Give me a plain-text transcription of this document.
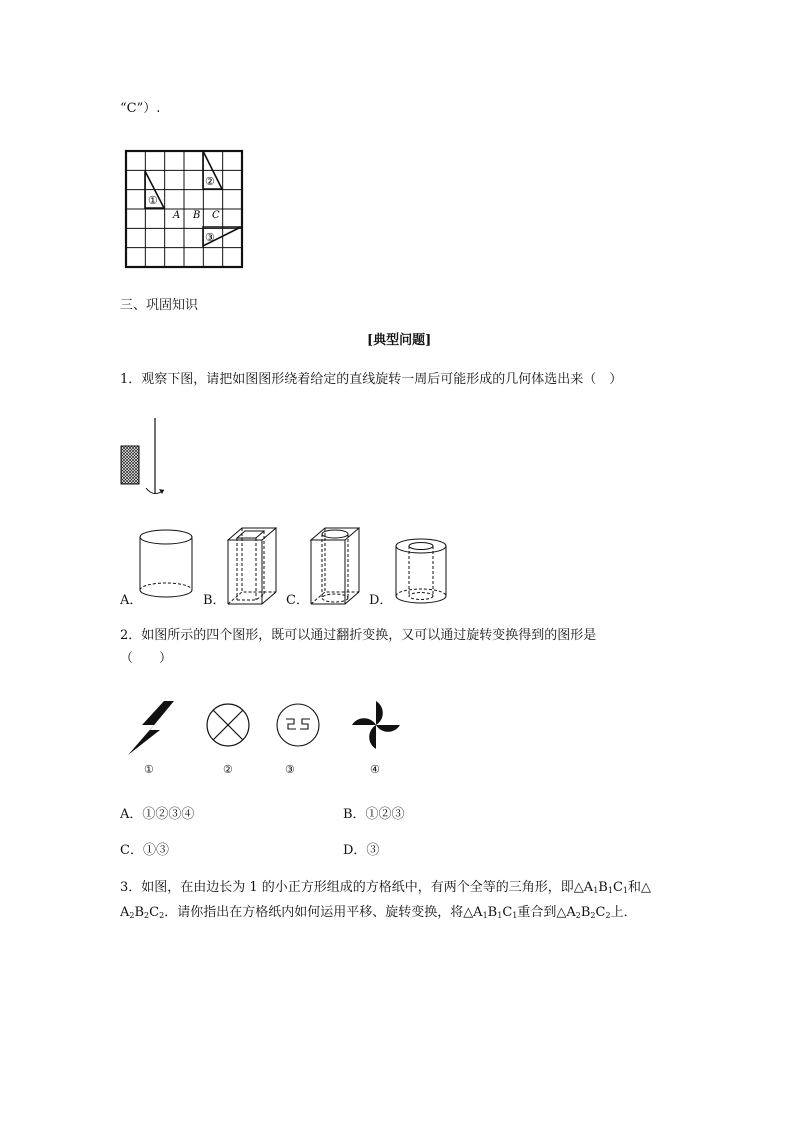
“C”）.
①
②
③
A B C
三、巩固知识
[典型问题]
1．观察下图，请把如图图形绕着给定的直线旋转一周后可能形成的几何体选出来（　）
A．	B．	C．	D．
2．如图所示的四个图形，既可以通过翻折变换，又可以通过旋转变换得到的图形是
（　　）
①	②	③	④
A．①②③④	B．①②③
C．①③	D．③
3．如图，在由边长为 1 的小正方形组成的方格纸中，有两个全等的三角形，即$\triangle A_1B_1C_1$和△
$A_2B_2C_2$．请你指出在方格纸内如何运用平移、旋转变换，将$\triangle A_1B_1C_1$重合到$\triangle A_2B_2C_2$上．
